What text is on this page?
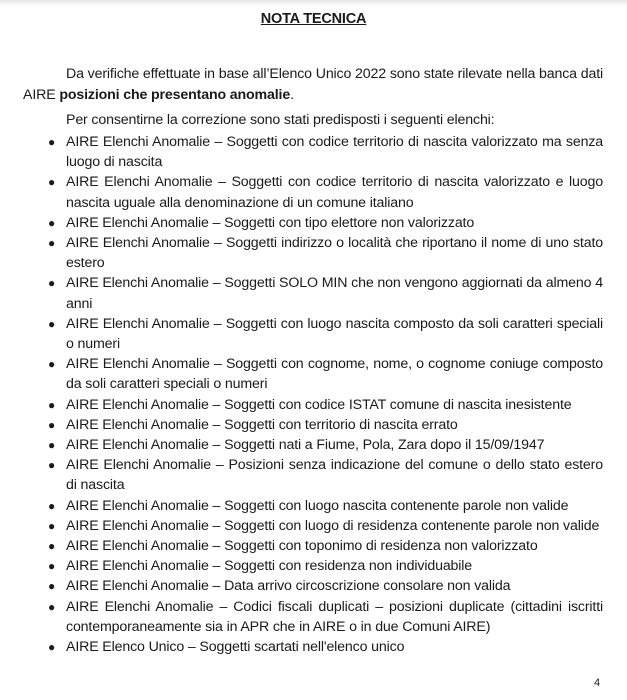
NOTA TECNICA

Da verifiche effettuate in base all’Elenco Unico 2022 sono state rilevate nella banca dati AIRE posizioni che presentano anomalie.

Per consentirne la correzione sono stati predisposti i seguenti elenchi:

● AIRE Elenchi Anomalie – Soggetti con codice territorio di nascita valorizzato ma senza luogo di nascita
● AIRE Elenchi Anomalie – Soggetti con codice territorio di nascita valorizzato e luogo nascita uguale alla denominazione di un comune italiano
● AIRE Elenchi Anomalie – Soggetti con tipo elettore non valorizzato
● AIRE Elenchi Anomalie – Soggetti indirizzo o località che riportano il nome di uno stato estero
● AIRE Elenchi Anomalie – Soggetti SOLO MIN che non vengono aggiornati da almeno 4 anni
● AIRE Elenchi Anomalie – Soggetti con luogo nascita composto da soli caratteri speciali o numeri
● AIRE Elenchi Anomalie – Soggetti con cognome, nome, o cognome coniuge composto da soli caratteri speciali o numeri
● AIRE Elenchi Anomalie – Soggetti con codice ISTAT comune di nascita inesistente
● AIRE Elenchi Anomalie – Soggetti con territorio di nascita errato
● AIRE Elenchi Anomalie – Soggetti nati a Fiume, Pola, Zara dopo il 15/09/1947
● AIRE Elenchi Anomalie – Posizioni senza indicazione del comune o dello stato estero di nascita
● AIRE Elenchi Anomalie – Soggetti con luogo nascita contenente parole non valide
● AIRE Elenchi Anomalie – Soggetti con luogo di residenza contenente parole non valide
● AIRE Elenchi Anomalie – Soggetti con toponimo di residenza non valorizzato
● AIRE Elenchi Anomalie – Soggetti con residenza non individuabile
● AIRE Elenchi Anomalie – Data arrivo circoscrizione consolare non valida
● AIRE Elenchi Anomalie – Codici fiscali duplicati – posizioni duplicate (cittadini iscritti contemporaneamente sia in APR che in AIRE o in due Comuni AIRE)
● AIRE Elenco Unico – Soggetti scartati nell'elenco unico
4
